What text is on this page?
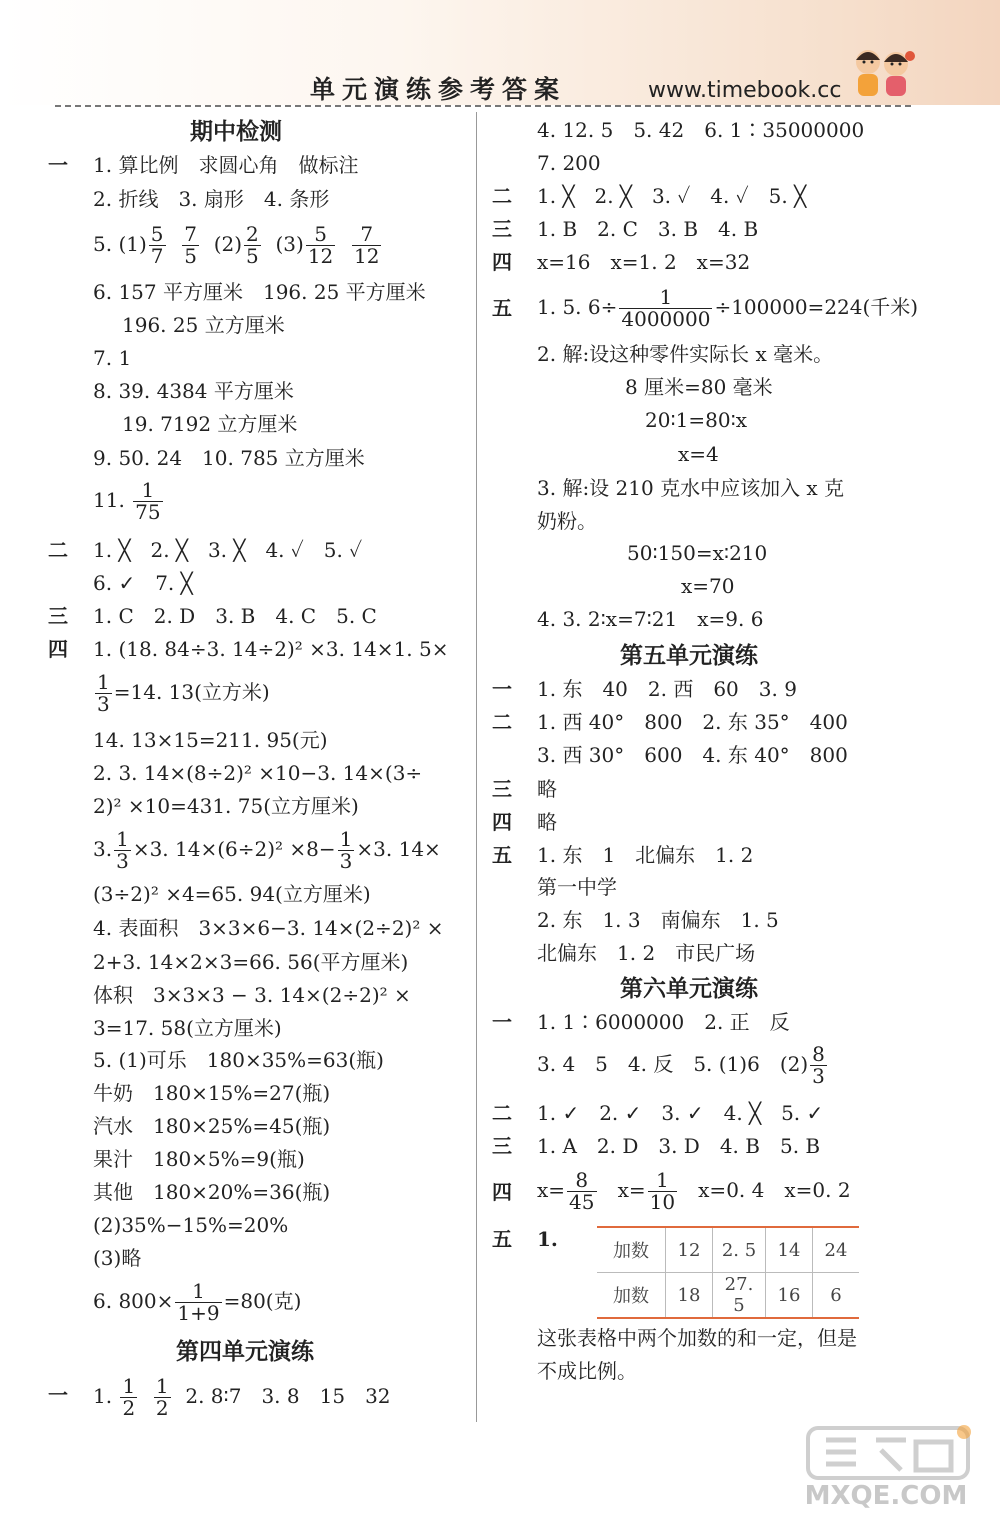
单元演练参考答案	www.timebook.cc
期中检测
一 1. 算比例　求圆心角　做标注
2. 折线　3. 扇形　4. 条形
5. $(1) \frac{5}{7}$
$\frac{7}{5} (2) \frac{2}{5} (3) \frac{5}{12}$
$\frac{7}{12}$
6. 157 平方厘米　196. 25 平方厘米
196. 25 立方厘米
7. 1
8. 39. 4384 平方厘米
19. 7192 立方厘米
9. 50. 24　10. 785 立方厘米
11. $\frac{1}{75}$
二 1. ╳　2. ╳　3. ╳　4. ✓　5. ✓
6. ✓　7. ╳
三 1. C　2. D　3. B　4. C　5. C
四 1. (18. 84÷3. 14÷2)² ×3. 14×1. 5×
$\frac{1}{3} =14$. 13(立方米)
14. 13×15=211. 95(元)
2. 3. 14×(8÷2)² ×10−3. 14×(3÷
2)² ×10=431. 75(立方厘米)
3. $\frac{1}{3} \times 3$. $14\times(6\div 2)^2 \times 8- \frac{1}{3} \times 3$. 14×
(3÷2)² ×4=65. 94(立方厘米)
4. 表面积　3×3×6−3. 14×(2÷2)² ×
2+3. 14×2×3=66. 56(平方厘米)
体积　3×3×3 − 3. 14×(2÷2)² ×
3=17. 58(立方厘米)
5. (1)可乐　180×35%=63(瓶)
牛奶　180×15%=27(瓶)
汽水　180×25%=45(瓶)
果汁　180×5%=9(瓶)
其他　180×20%=36(瓶)
(2)35%−15%=20%
(3)略
6. $800\times \frac{1}{1+9} =80$(克)
第四单元演练
一 1. $\frac{1}{2}$
$\frac{1}{2} 2$. 8∶7　3. 8　15　32
4. 12. 5　5. 42　6. 1∶35000000
7. 200
二 1. ╳　2. ╳　3. ✓　4. ✓　5. ╳
三 1. B　2. C　3. B　4. B
四 x=16　x=1. 2　x=32
五 1. 5. $6\div \frac{1}{4000000} \div 100000=224$(千米)
2. 解:设这种零件实际长 x 毫米。
8 厘米=80 毫米
20∶1=80∶x
x=4
3. 解:设 210 克水中应该加入 x 克
奶粉。
50∶150=x∶210
x=70
4. 3. 2∶x=7∶21　x=9. 6
第五单元演练
一 1. 东　40　2. 西　60　3. 9
二 1. 西 40°　800　2. 东 35°　400
3. 西 30°　600　4. 东 40°　800
三 略
四 略
五 1. 东　1　北偏东　1. 2
第一中学
2. 东　1. 3　南偏东　1. 5
北偏东　1. 2　市民广场
第六单元演练
一 1. 1∶6000000　2. 正　反
3. 4　5　4. 反　5. (1)6　$(2) \frac{8}{3}$
二 1. ✓　2. ✓　3. ✓　4. ╳　5. ✓
三 1. A　2. D　3. D　4. B　5. B
四 $x= \frac{8}{45} x= \frac{1}{10} x=0$. 4　x=0. 2
五 1.
加数	12	2. 5	14	24
加数	18	27. 5	16	6
这张表格中两个加数的和一定，但是
不成比例。
MXQE.COM
